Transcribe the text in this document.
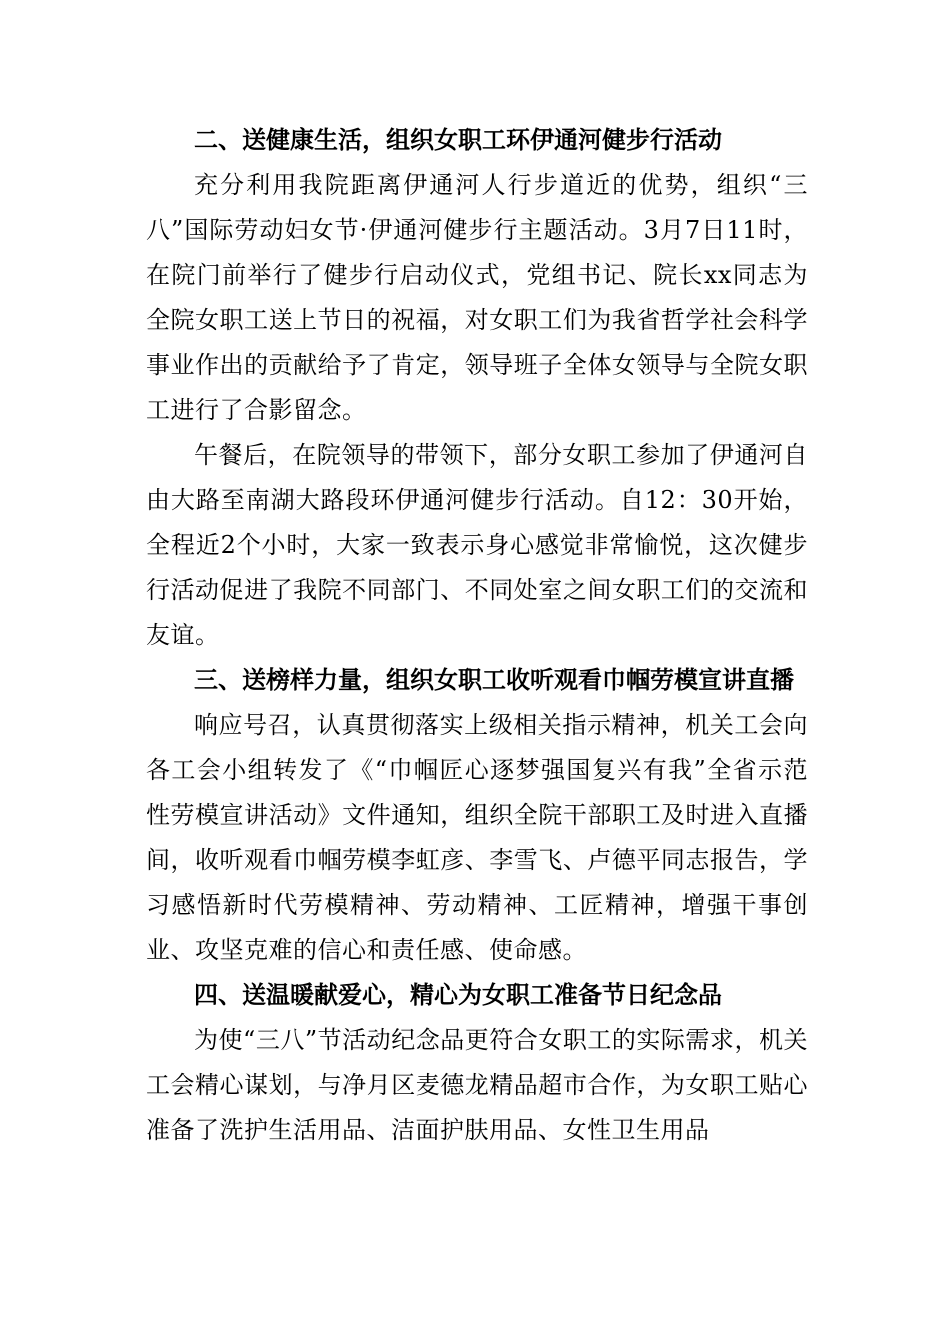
二、送健康生活，组织女职工环伊通河健步行活动

充分利用我院距离伊通河人行步道近的优势，组织“三八”国际劳动妇女节·伊通河健步行主题活动。3月7日11时，在院门前举行了健步行启动仪式，党组书记、院长xx同志为全院女职工送上节日的祝福，对女职工们为我省哲学社会科学事业作出的贡献给予了肯定，领导班子全体女领导与全院女职工进行了合影留念。

午餐后，在院领导的带领下，部分女职工参加了伊通河自由大路至南湖大路段环伊通河健步行活动。自12：30开始，全程近2个小时，大家一致表示身心感觉非常愉悦，这次健步行活动促进了我院不同部门、不同处室之间女职工们的交流和友谊。

三、送榜样力量，组织女职工收听观看巾帼劳模宣讲直播

响应号召，认真贯彻落实上级相关指示精神，机关工会向各工会小组转发了《“巾帼匠心逐梦强国复兴有我”全省示范性劳模宣讲活动》文件通知，组织全院干部职工及时进入直播间，收听观看巾帼劳模李虹彦、李雪飞、卢德平同志报告，学习感悟新时代劳模精神、劳动精神、工匠精神，增强干事创业、攻坚克难的信心和责任感、使命感。

四、送温暖献爱心，精心为女职工准备节日纪念品

为使“三八”节活动纪念品更符合女职工的实际需求，机关工会精心谋划，与净月区麦德龙精品超市合作，为女职工贴心准备了洗护生活用品、洁面护肤用品、女性卫生用品
